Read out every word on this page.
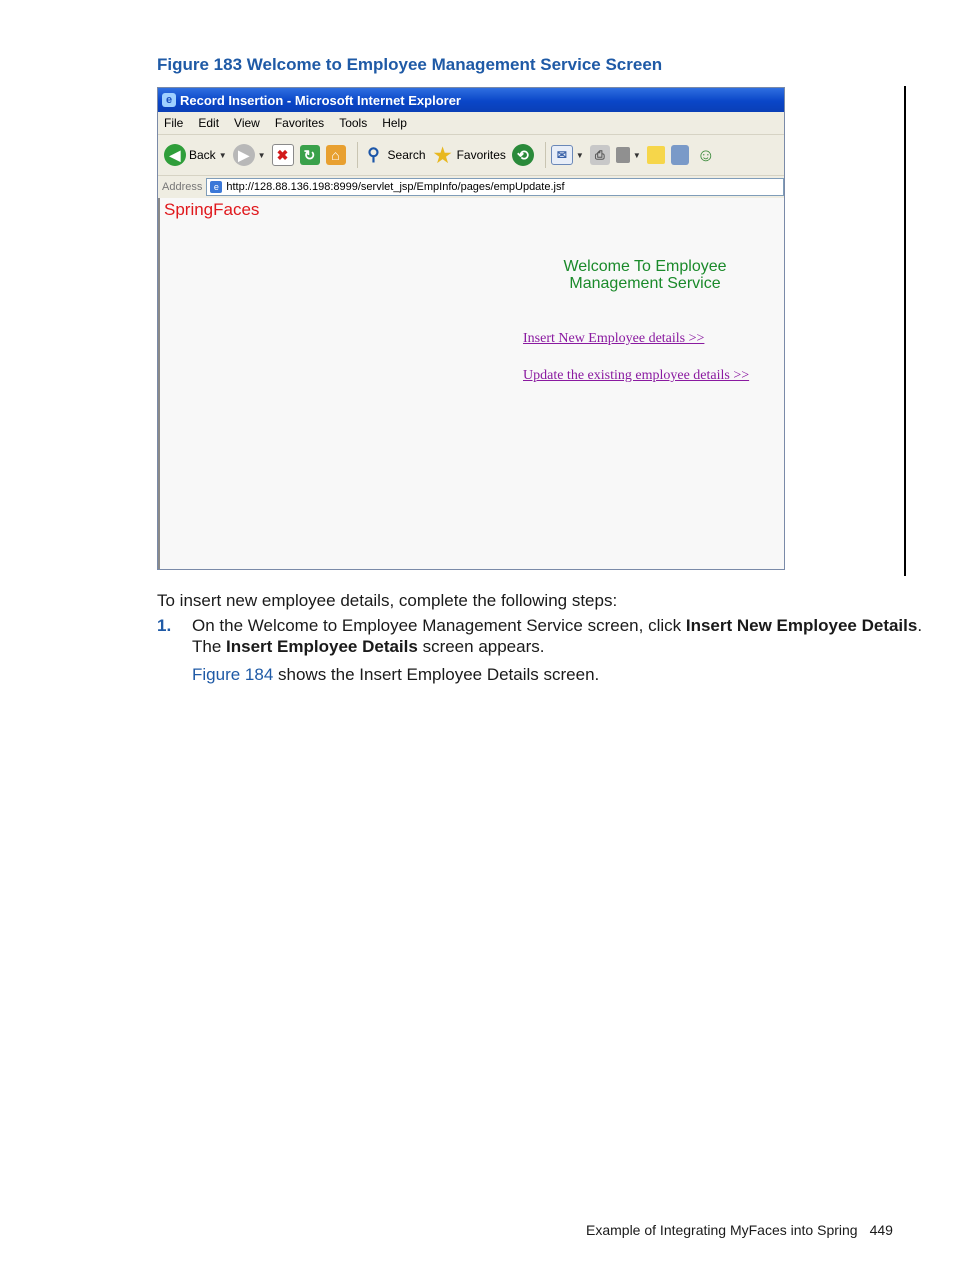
Figure 183 Welcome to Employee Management Service Screen
e Record Insertion - Microsoft Internet Explorer
File Edit View Favorites Tools Help
◀ Back ▼ ▶	▼ ✖	↻	⌂	⚲ Search ★ Favorites ⟲	✉	▼ ⎙	▼	☺
Address	e http://128.88.136.198:8999/servlet_jsp/EmpInfo/pages/empUpdate.jsf
SpringFaces
Welcome To Employee
Management Service
Insert New Employee details >>
Update the existing employee details >>
To insert new employee details, complete the following steps:
1. On the Welcome to Employee Management Service screen, click Insert New Employee Details.
The Insert Employee Details screen appears.
Figure 184 shows the Insert Employee Details screen.
Example of Integrating MyFaces into Spring 449
